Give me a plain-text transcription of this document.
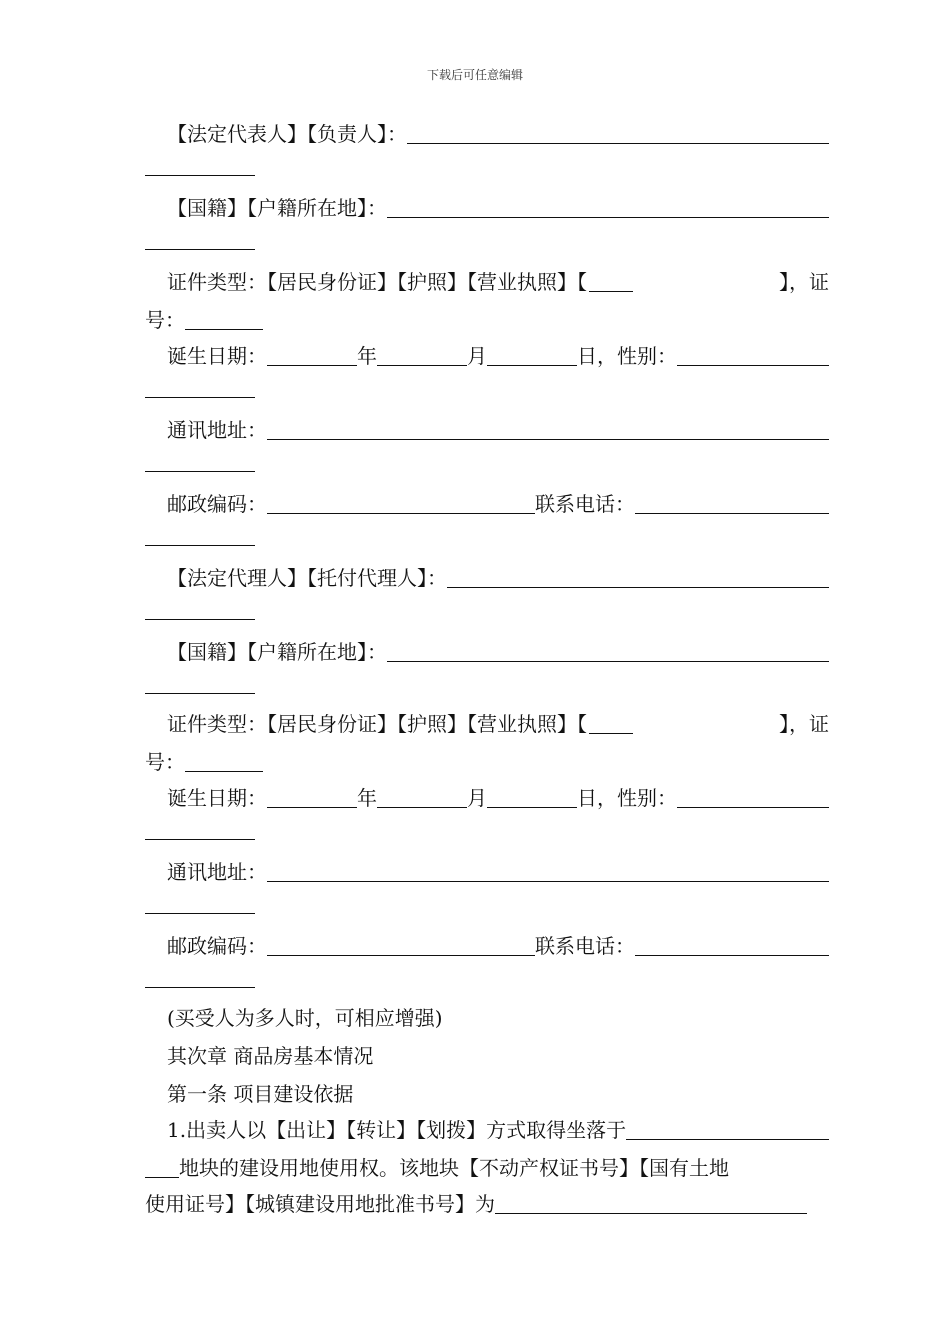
下载后可任意编辑
【法定代表人】【负责人】：
【国籍】【户籍所在地】：
证件类型：【居民身份证】【护照】【营业执照】【	】，证
号：
诞生日期：	年	月	日，性别：
通讯地址：
邮政编码：	联系电话：
【法定代理人】【托付代理人】：
【国籍】【户籍所在地】：
证件类型：【居民身份证】【护照】【营业执照】【	】，证
号：
诞生日期：	年	月	日，性别：
通讯地址：
邮政编码：	联系电话：
(买受人为多人时，可相应增强)
其次章 商品房基本情况
第一条 项目建设依据
1.出卖人以【出让】【转让】【划拨】方式取得坐落于
地块的建设用地使用权。该地块【不动产权证书号】【国有土地
使用证号】【城镇建设用地批准书号】为
